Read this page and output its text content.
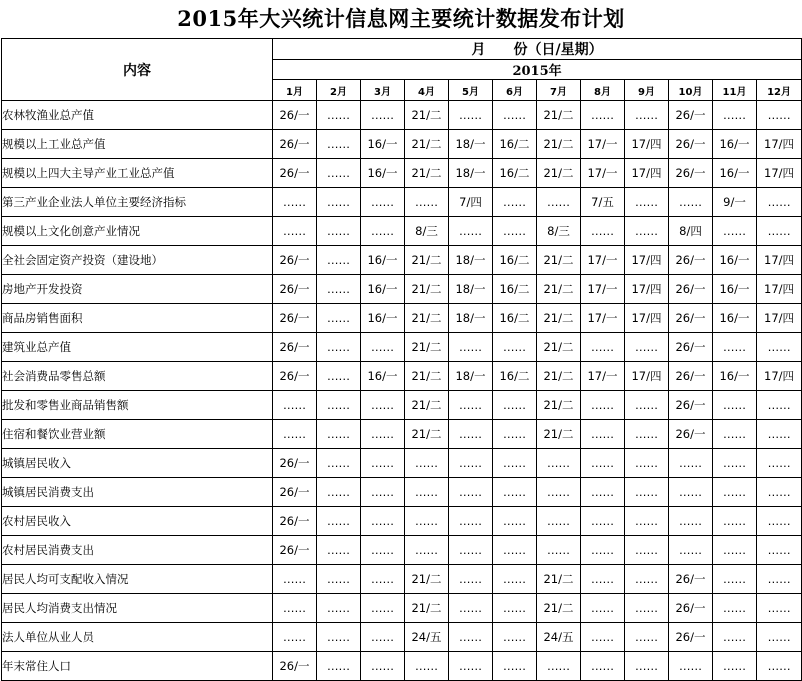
2015年大兴统计信息网主要统计数据发布计划
内容	月　　份（日/星期）											
	2015年											
	1月	2月	3月	4月	5月	6月	7月	8月	9月	10月	11月	12月
农林牧渔业总产值	26/一	……	……	21/二	……	……	21/二	……	……	26/一	……	……
规模以上工业总产值	26/一	……	16/一	21/二	18/一	16/二	21/二	17/一	17/四	26/一	16/一	17/四
规模以上四大主导产业工业总产值	26/一	……	16/一	21/二	18/一	16/二	21/二	17/一	17/四	26/一	16/一	17/四
第三产业企业法人单位主要经济指标	……	……	……	……	7/四	……	……	7/五	……	……	9/一	……
规模以上文化创意产业情况	……	……	……	8/三	……	……	8/三	……	……	8/四	……	……
全社会固定资产投资（建设地）	26/一	……	16/一	21/二	18/一	16/二	21/二	17/一	17/四	26/一	16/一	17/四
房地产开发投资	26/一	……	16/一	21/二	18/一	16/二	21/二	17/一	17/四	26/一	16/一	17/四
商品房销售面积	26/一	……	16/一	21/二	18/一	16/二	21/二	17/一	17/四	26/一	16/一	17/四
建筑业总产值	26/一	……	……	21/二	……	……	21/二	……	……	26/一	……	……
社会消费品零售总额	26/一	……	16/一	21/二	18/一	16/二	21/二	17/一	17/四	26/一	16/一	17/四
批发和零售业商品销售额	……	……	……	21/二	……	……	21/二	……	……	26/一	……	……
住宿和餐饮业营业额	……	……	……	21/二	……	……	21/二	……	……	26/一	……	……
城镇居民收入	26/一	……	……	……	……	……	……	……	……	……	……	……
城镇居民消费支出	26/一	……	……	……	……	……	……	……	……	……	……	……
农村居民收入	26/一	……	……	……	……	……	……	……	……	……	……	……
农村居民消费支出	26/一	……	……	……	……	……	……	……	……	……	……	……
居民人均可支配收入情况	……	……	……	21/二	……	……	21/二	……	……	26/一	……	……
居民人均消费支出情况	……	……	……	21/二	……	……	21/二	……	……	26/一	……	……
法人单位从业人员	……	……	……	24/五	……	……	24/五	……	……	26/一	……	……
年末常住人口	26/一	……	……	……	……	……	……	……	……	……	……	……
